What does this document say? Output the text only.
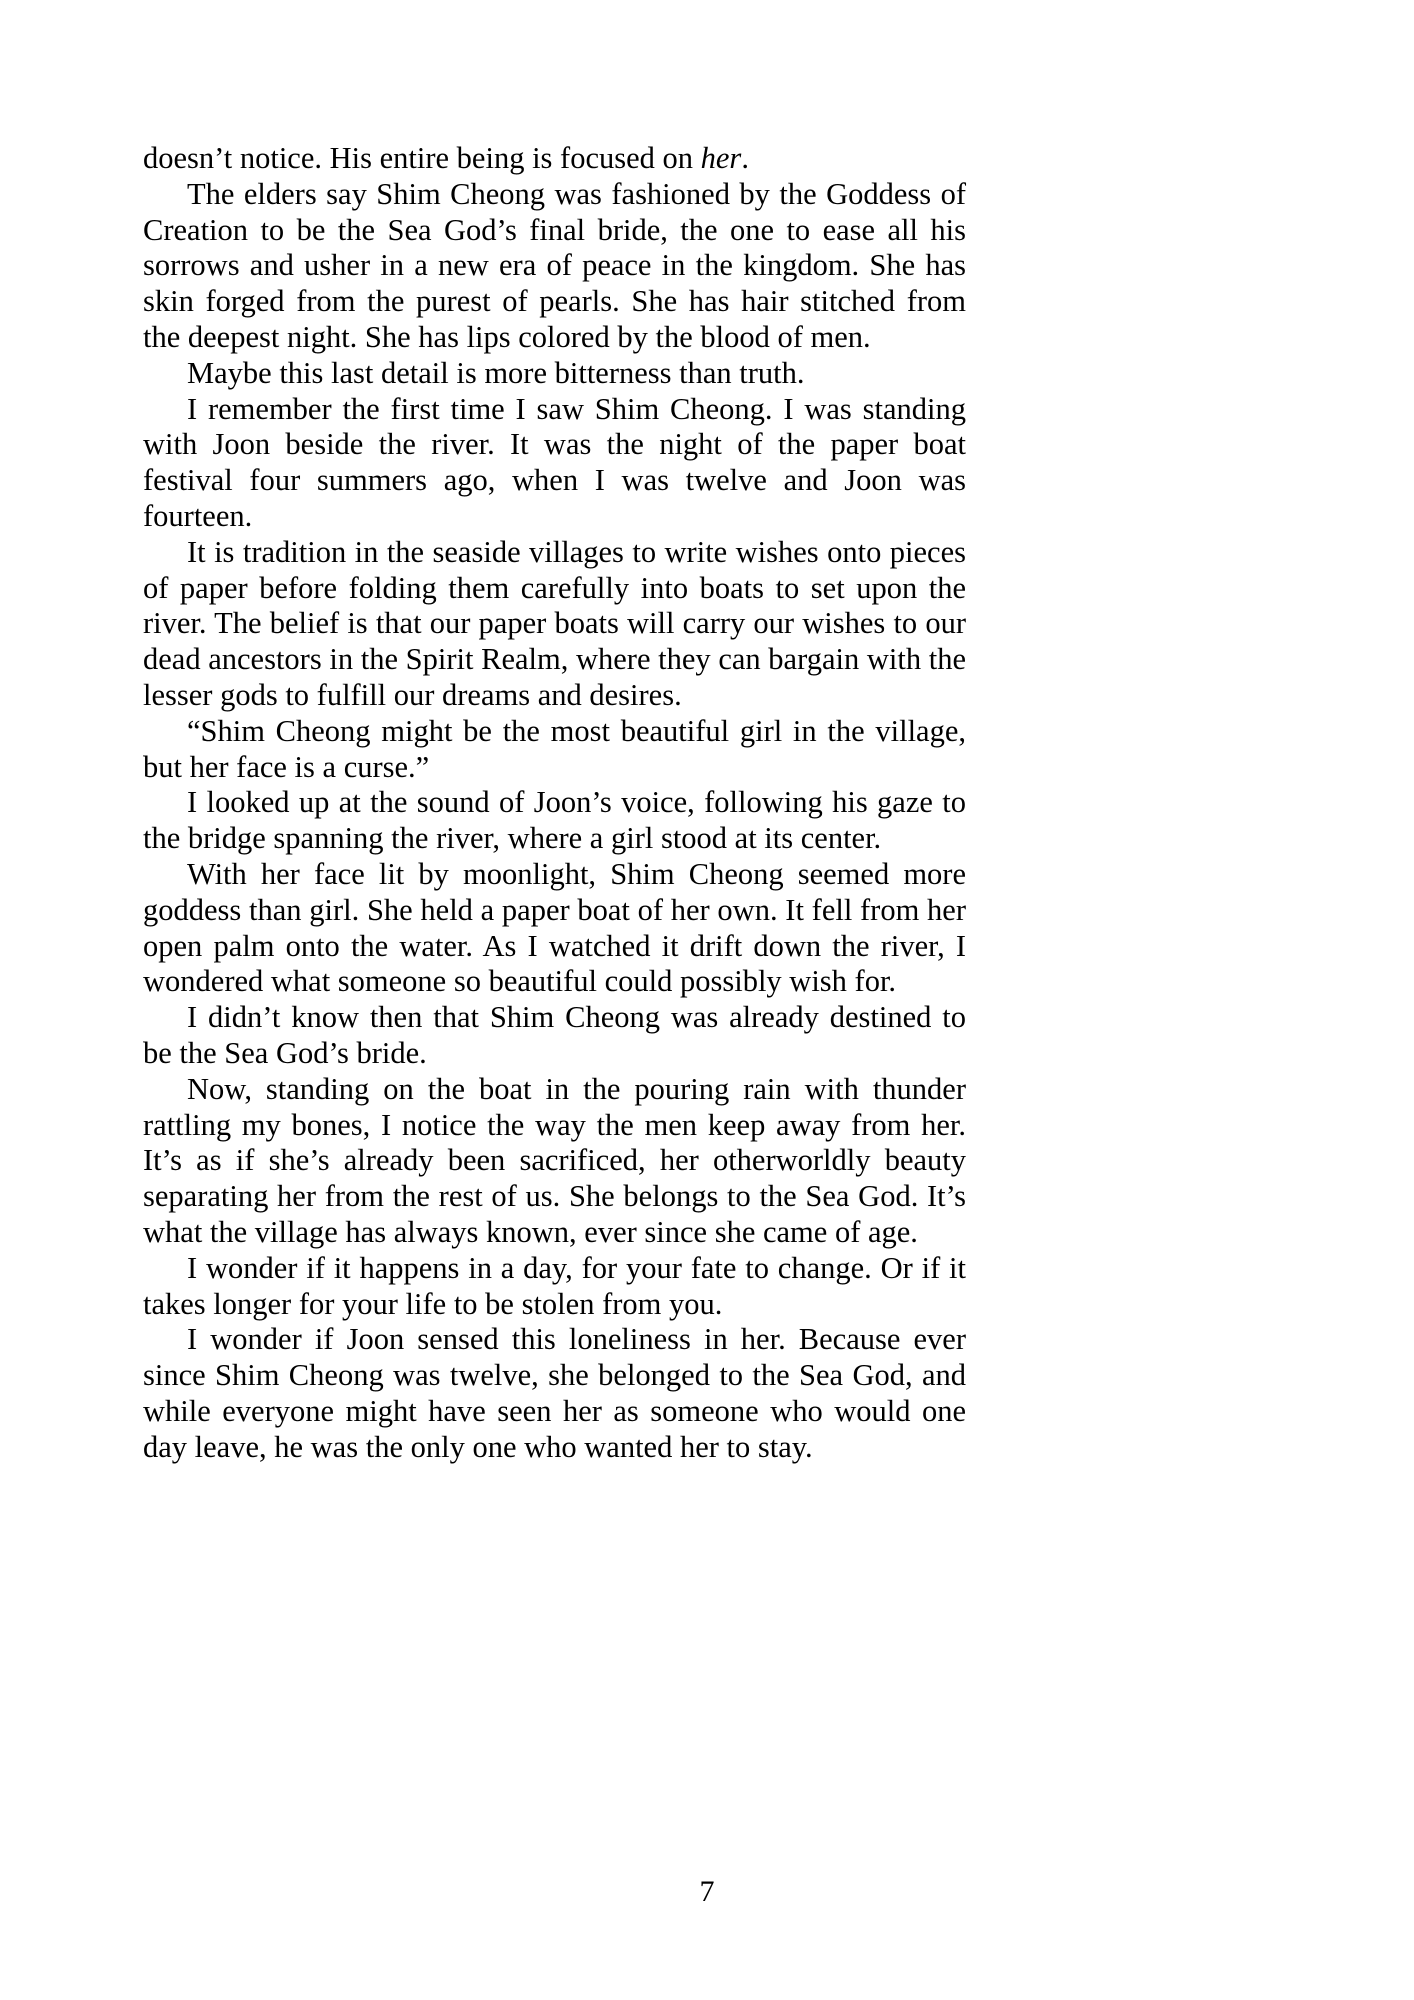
doesn’t notice. His entire being is focused on her.

The elders say Shim Cheong was fashioned by the Goddess of Creation to be the Sea God’s final bride, the one to ease all his sorrows and usher in a new era of peace in the kingdom. She has skin forged from the purest of pearls. She has hair stitched from the deepest night. She has lips colored by the blood of men.

Maybe this last detail is more bitterness than truth.

I remember the first time I saw Shim Cheong. I was standing with Joon beside the river. It was the night of the paper boat festival four summers ago, when I was twelve and Joon was fourteen.

It is tradition in the seaside villages to write wishes onto pieces of paper before folding them carefully into boats to set upon the river. The belief is that our paper boats will carry our wishes to our dead ancestors in the Spirit Realm, where they can bargain with the lesser gods to fulfill our dreams and desires.

“Shim Cheong might be the most beautiful girl in the village, but her face is a curse.”

I looked up at the sound of Joon’s voice, following his gaze to the bridge spanning the river, where a girl stood at its center.

With her face lit by moonlight, Shim Cheong seemed more goddess than girl. She held a paper boat of her own. It fell from her open palm onto the water. As I watched it drift down the river, I wondered what someone so beautiful could possibly wish for.

I didn’t know then that Shim Cheong was already destined to be the Sea God’s bride.

Now, standing on the boat in the pouring rain with thunder rattling my bones, I notice the way the men keep away from her. It’s as if she’s already been sacrificed, her otherworldly beauty separating her from the rest of us. She belongs to the Sea God. It’s what the village has always known, ever since she came of age.

I wonder if it happens in a day, for your fate to change. Or if it takes longer for your life to be stolen from you.

I wonder if Joon sensed this loneliness in her. Because ever since Shim Cheong was twelve, she belonged to the Sea God, and while everyone might have seen her as someone who would one day leave, he was the only one who wanted her to stay.

7
